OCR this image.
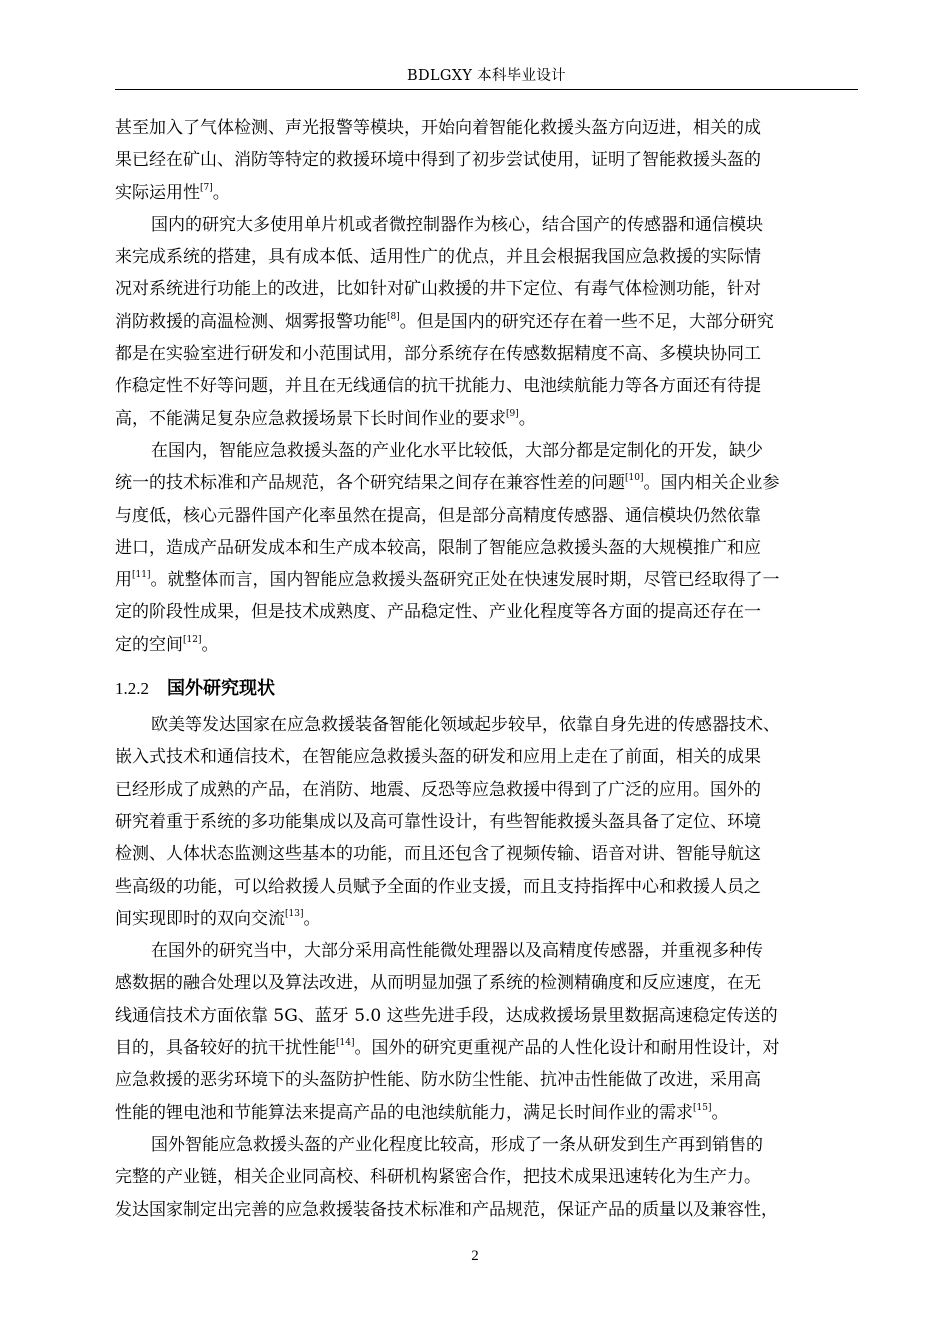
BDLGXY 本科毕业设计

甚至加入了气体检测、声光报警等模块，开始向着智能化救援头盔方向迈进，相关的成
果已经在矿山、消防等特定的救援环境中得到了初步尝试使用，证明了智能救援头盔的
实际运用性[7]。

国内的研究大多使用单片机或者微控制器作为核心，结合国产的传感器和通信模块
来完成系统的搭建，具有成本低、适用性广的优点，并且会根据我国应急救援的实际情
况对系统进行功能上的改进，比如针对矿山救援的井下定位、有毒气体检测功能，针对
消防救援的高温检测、烟雾报警功能[8]。但是国内的研究还存在着一些不足，大部分研究
都是在实验室进行研发和小范围试用，部分系统存在传感数据精度不高、多模块协同工
作稳定性不好等问题，并且在无线通信的抗干扰能力、电池续航能力等各方面还有待提
高，不能满足复杂应急救援场景下长时间作业的要求[9]。

在国内，智能应急救援头盔的产业化水平比较低，大部分都是定制化的开发，缺少
统一的技术标准和产品规范，各个研究结果之间存在兼容性差的问题[10]。国内相关企业参
与度低，核心元器件国产化率虽然在提高，但是部分高精度传感器、通信模块仍然依靠
进口，造成产品研发成本和生产成本较高，限制了智能应急救援头盔的大规模推广和应
用[11]。就整体而言，国内智能应急救援头盔研究正处在快速发展时期，尽管已经取得了一
定的阶段性成果，但是技术成熟度、产品稳定性、产业化程度等各方面的提高还存在一
定的空间[12]。

1.2.2 国外研究现状

欧美等发达国家在应急救援装备智能化领域起步较早，依靠自身先进的传感器技术、
嵌入式技术和通信技术，在智能应急救援头盔的研发和应用上走在了前面，相关的成果
已经形成了成熟的产品，在消防、地震、反恐等应急救援中得到了广泛的应用。国外的
研究着重于系统的多功能集成以及高可靠性设计，有些智能救援头盔具备了定位、环境
检测、人体状态监测这些基本的功能，而且还包含了视频传输、语音对讲、智能导航这
些高级的功能，可以给救援人员赋予全面的作业支援，而且支持指挥中心和救援人员之
间实现即时的双向交流[13]。

在国外的研究当中，大部分采用高性能微处理器以及高精度传感器，并重视多种传
感数据的融合处理以及算法改进，从而明显加强了系统的检测精确度和反应速度，在无
线通信技术方面依靠 5G、蓝牙 5.0 这些先进手段，达成救援场景里数据高速稳定传送的
目的，具备较好的抗干扰性能[14]。国外的研究更重视产品的人性化设计和耐用性设计，对
应急救援的恶劣环境下的头盔防护性能、防水防尘性能、抗冲击性能做了改进，采用高
性能的锂电池和节能算法来提高产品的电池续航能力，满足长时间作业的需求[15]。

国外智能应急救援头盔的产业化程度比较高，形成了一条从研发到生产再到销售的
完整的产业链，相关企业同高校、科研机构紧密合作，把技术成果迅速转化为生产力。
发达国家制定出完善的应急救援装备技术标准和产品规范，保证产品的质量以及兼容性，

2
